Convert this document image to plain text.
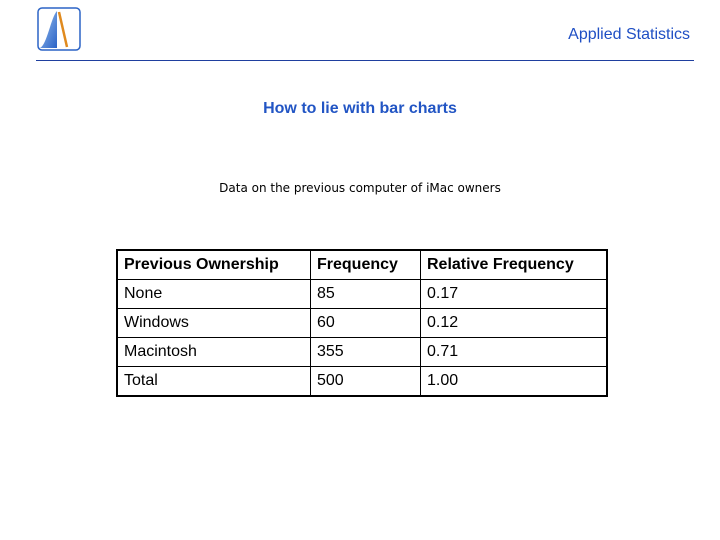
Applied Statistics
How to lie with bar charts
Data on the previous computer of iMac owners
Previous Ownership	Frequency	Relative Frequency
None	85	0.17
Windows	60	0.12
Macintosh	355	0.71
Total	500	1.00
